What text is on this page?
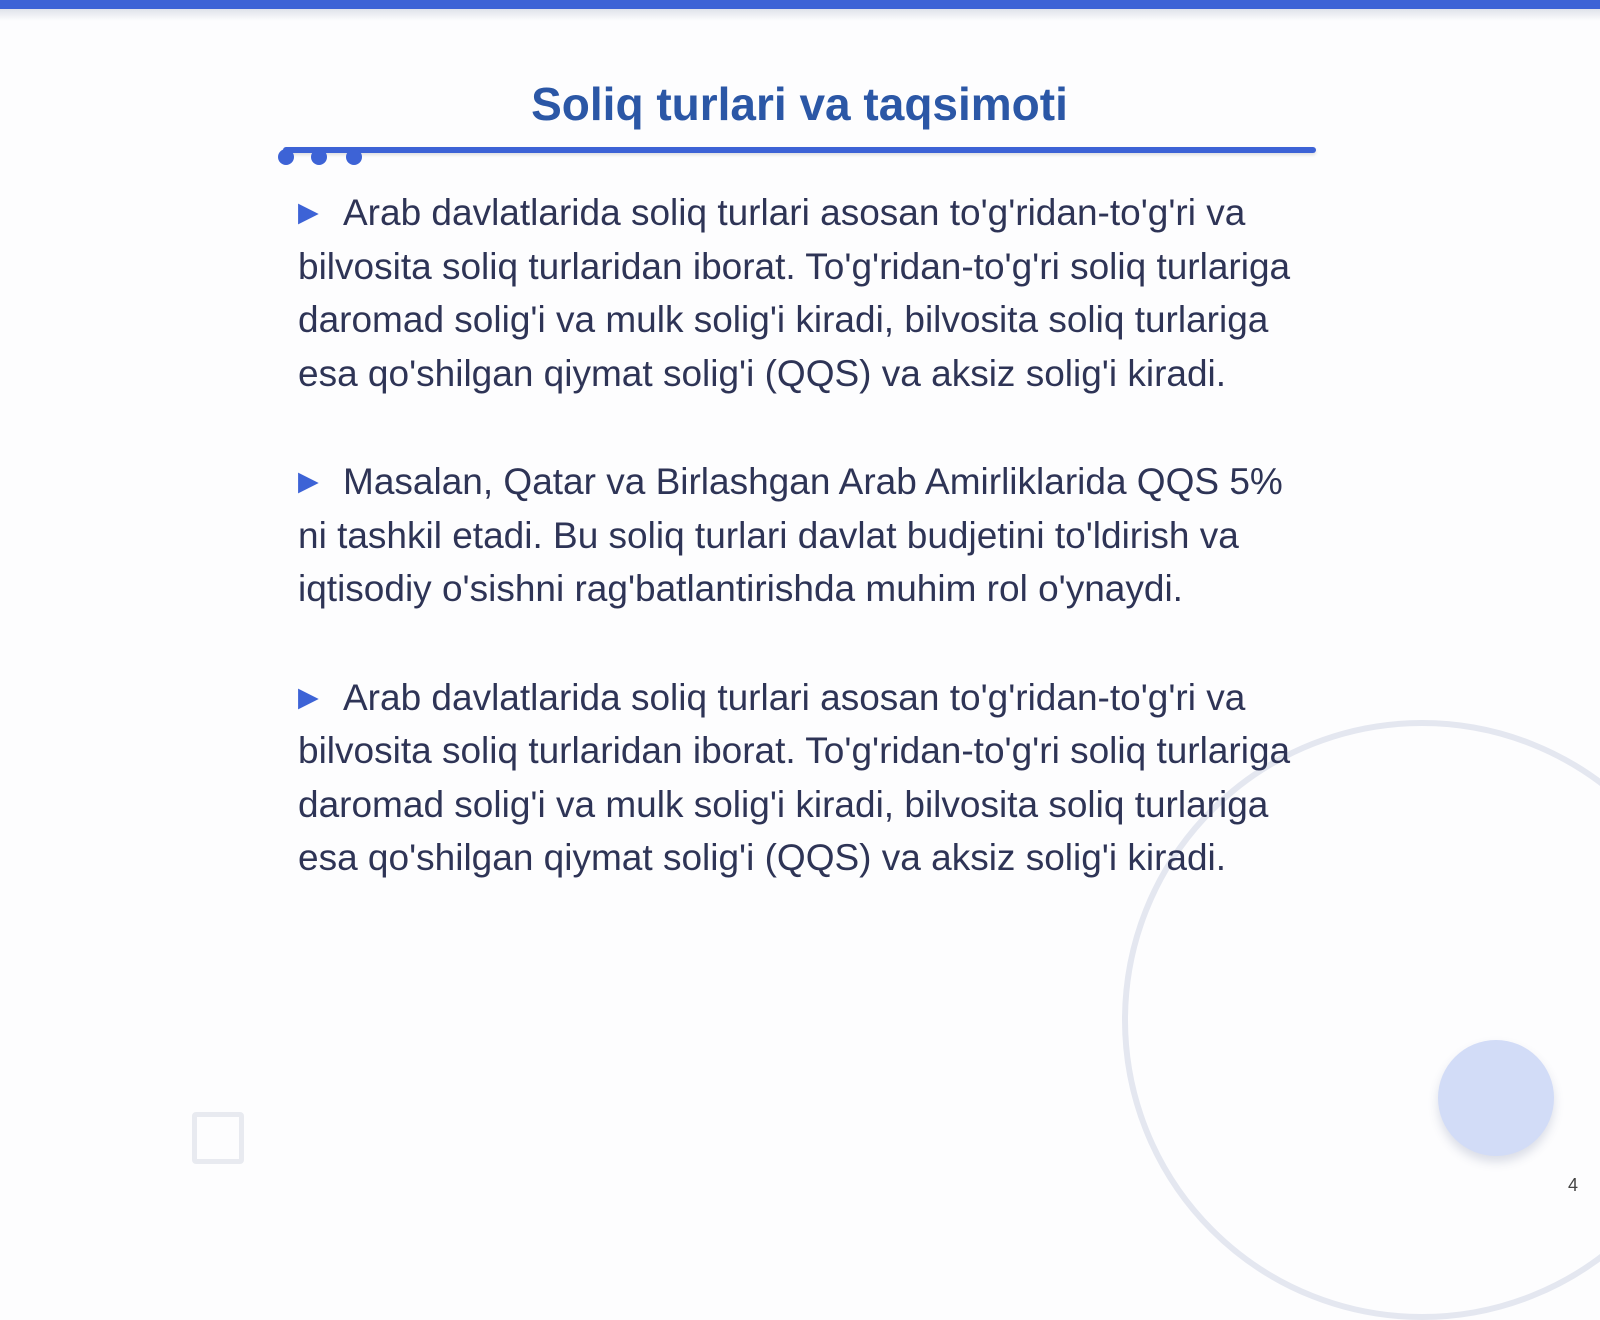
Soliq turlari va taqsimoti

▶ Arab davlatlarida soliq turlari asosan to'g'ridan-to'g'ri va bilvosita soliq turlaridan iborat. To'g'ridan-to'g'ri soliq turlariga daromad solig'i va mulk solig'i kiradi, bilvosita soliq turlariga esa qo'shilgan qiymat solig'i (QQS) va aksiz solig'i kiradi.

▶ Masalan, Qatar va Birlashgan Arab Amirliklarida QQS 5% ni tashkil etadi. Bu soliq turlari davlat budjetini to'ldirish va iqtisodiy o'sishni rag'batlantirishda muhim rol o'ynaydi.

▶ Arab davlatlarida soliq turlari asosan to'g'ridan-to'g'ri va bilvosita soliq turlaridan iborat. To'g'ridan-to'g'ri soliq turlariga daromad solig'i va mulk solig'i kiradi, bilvosita soliq turlariga esa qo'shilgan qiymat solig'i (QQS) va aksiz solig'i kiradi.

4
